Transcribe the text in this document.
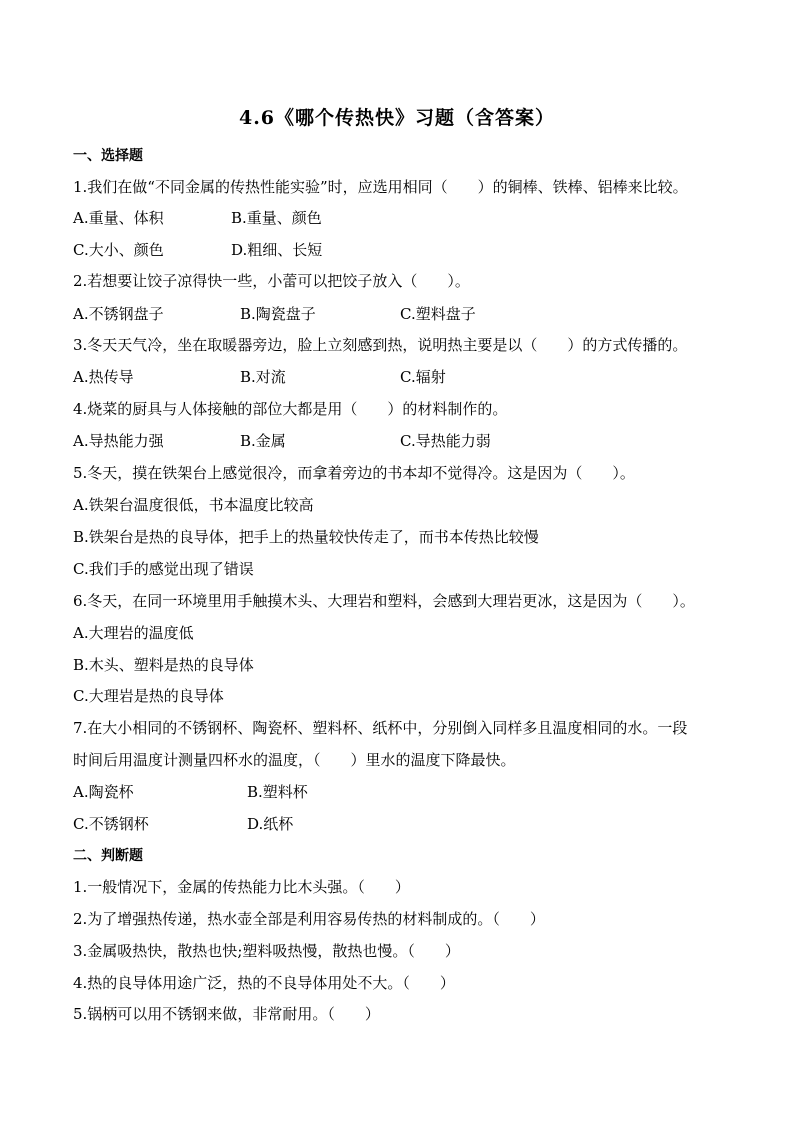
4.6《哪个传热快》习题（含答案）
一、选择题
1.我们在做“不同金属的传热性能实验”时，应选用相同（　　）的铜棒、铁棒、铝棒来比较。
A.重量、体积	B.重量、颜色
C.大小、颜色	D.粗细、长短
2.若想要让饺子凉得快一些，小蕾可以把饺子放入（　　）。
A.不锈钢盘子	B.陶瓷盘子	C.塑料盘子
3.冬天天气冷，坐在取暖器旁边，脸上立刻感到热，说明热主要是以（　　）的方式传播的。
A.热传导	B.对流	C.辐射
4.烧菜的厨具与人体接触的部位大都是用（　　）的材料制作的。
A.导热能力强	B.金属	C.导热能力弱
5.冬天，摸在铁架台上感觉很冷，而拿着旁边的书本却不觉得冷。这是因为（　　）。
A.铁架台温度很低，书本温度比较高
B.铁架台是热的良导体，把手上的热量较快传走了，而书本传热比较慢
C.我们手的感觉出现了错误
6.冬天，在同一环境里用手触摸木头、大理岩和塑料，会感到大理岩更冰，这是因为（　　）。
A.大理岩的温度低
B.木头、塑料是热的良导体
C.大理岩是热的良导体
7.在大小相同的不锈钢杯、陶瓷杯、塑料杯、纸杯中，分别倒入同样多且温度相同的水。一段
时间后用温度计测量四杯水的温度，（　　）里水的温度下降最快。
A.陶瓷杯	B.塑料杯
C.不锈钢杯	D.纸杯
二、判断题
1.一般情况下，金属的传热能力比木头强。（　　）
2.为了增强热传递，热水壶全部是利用容易传热的材料制成的。（　　）
3.金属吸热快，散热也快;塑料吸热慢，散热也慢。（　　）
4.热的良导体用途广泛，热的不良导体用处不大。（　　）
5.锅柄可以用不锈钢来做，非常耐用。（　　）
